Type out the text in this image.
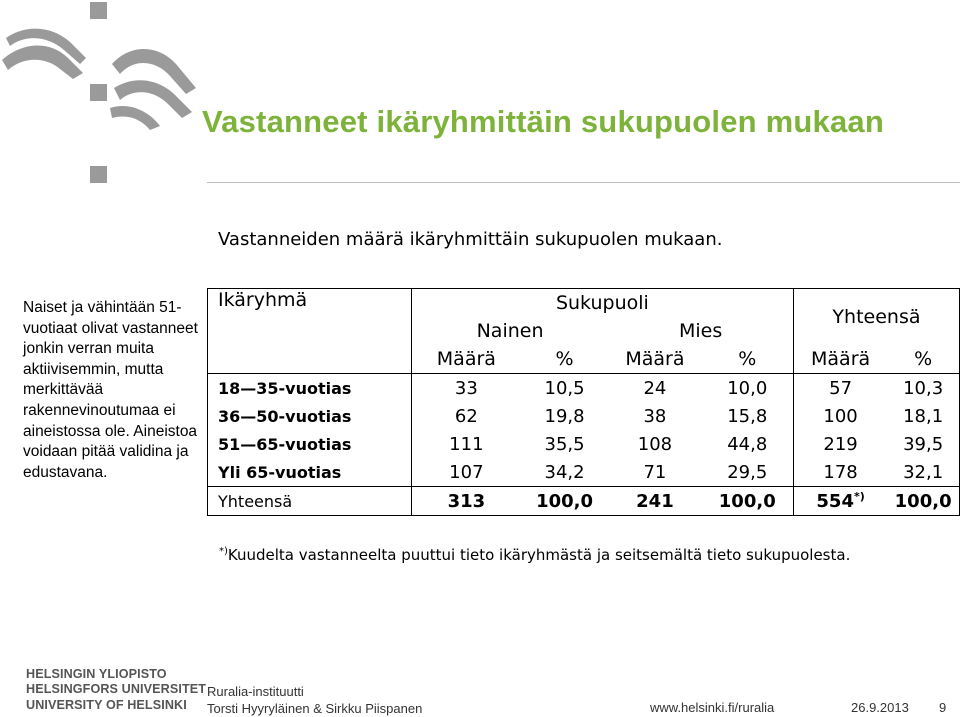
Vastanneet ikäryhmittäin sukupuolen mukaan
Vastanneiden määrä ikäryhmittäin sukupuolen mukaan.

Naiset ja vähintään 51-vuotiaat olivat vastanneet jonkin verran muita aktiivisemmin, mutta merkittävää rakennevinoutumaa ei aineistossa ole. Aineistoa voidaan pitää validina ja edustavana.

Ikäryhmä	Sukupuoli				Yhteensä	
	Nainen		Mies			
	Määrä	%	Määrä	%	Määrä	%
18—35-vuotias	33	10,5	24	10,0	57	10,3
36—50-vuotias	62	19,8	38	15,8	100	18,1
51—65-vuotias	111	35,5	108	44,8	219	39,5
Yli 65-vuotias	107	34,2	71	29,5	178	32,1
Yhteensä	313	100,0	241	100,0	554*)	100,0

*)Kuudelta vastanneelta puuttui tieto ikäryhmästä ja seitsemältä tieto sukupuolesta.

HELSINGIN YLIOPISTO
HELSINGFORS UNIVERSITET
UNIVERSITY OF HELSINKI
Ruralia-instituutti
Torsti Hyyryläinen & Sirkku Piispanen	www.helsinki.fi/ruralia	26.9.2013 9
